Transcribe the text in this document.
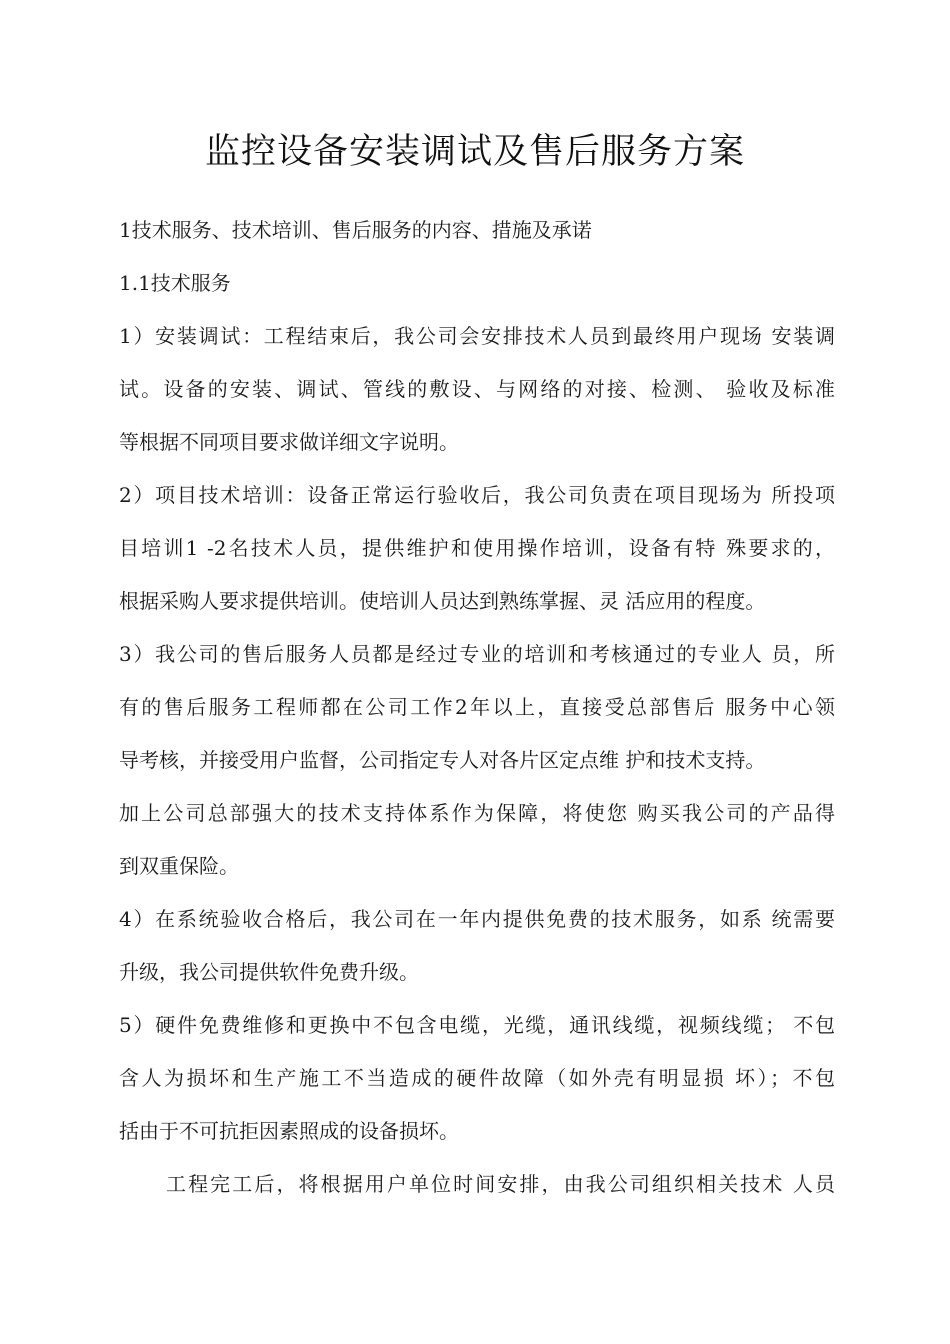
监控设备安装调试及售后服务方案
1技术服务、技术培训、售后服务的内容、措施及承诺
1.1技术服务
1）安装调试：工程结束后，我公司会安排技术人员到最终用户现场 安装调
试。设备的安装、调试、管线的敷设、与网络的对接、检测、 验收及标准
等根据不同项目要求做详细文字说明。
2）项目技术培训：设备正常运行验收后，我公司负责在项目现场为 所投项
目培训1 -2名技术人员，提供维护和使用操作培训，设备有特 殊要求的，
根据采购人要求提供培训。使培训人员达到熟练掌握、灵 活应用的程度。
3）我公司的售后服务人员都是经过专业的培训和考核通过的专业人 员，所
有的售后服务工程师都在公司工作2年以上，直接受总部售后 服务中心领
导考核，并接受用户监督，公司指定专人对各片区定点维 护和技术支持。
加上公司总部强大的技术支持体系作为保障，将使您 购买我公司的产品得
到双重保险。
4）在系统验收合格后，我公司在一年内提供免费的技术服务，如系 统需要
升级，我公司提供软件免费升级。
5）硬件免费维修和更换中不包含电缆，光缆，通讯线缆，视频线缆； 不包
含人为损坏和生产施工不当造成的硬件故障（如外壳有明显损 坏）；不包
括由于不可抗拒因素照成的设备损坏。
工程完工后，将根据用户单位时间安排，由我公司组织相关技术 人员
